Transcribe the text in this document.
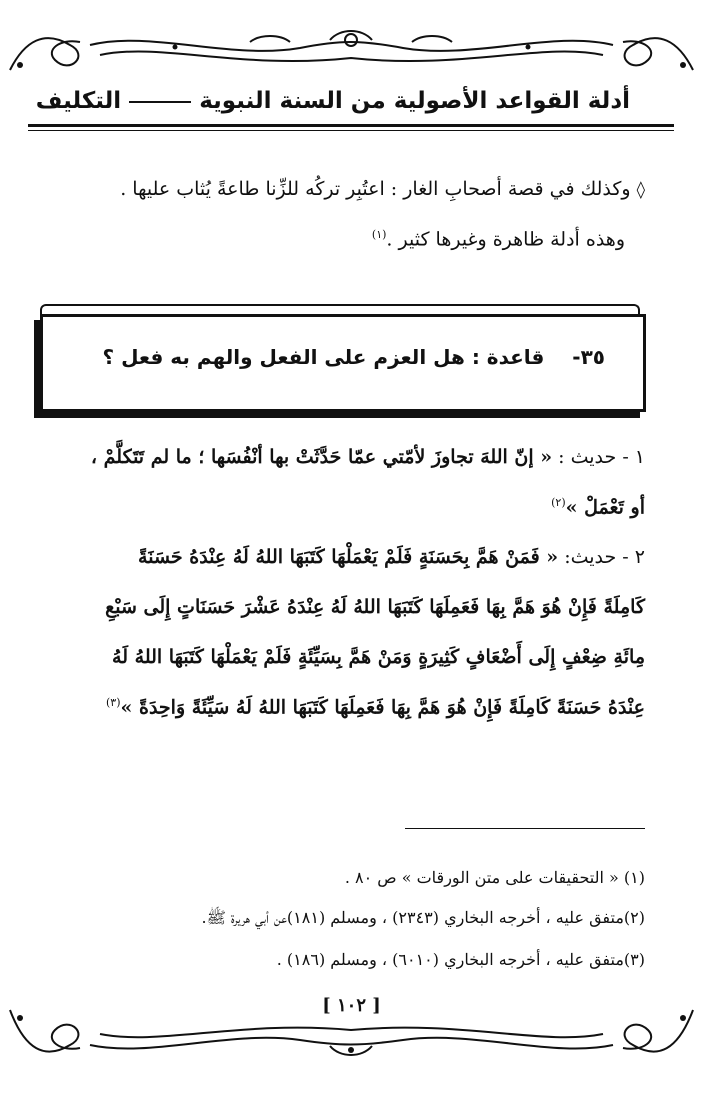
أدلة القواعد الأصولية من السنة النبويةالتكليف
◊وكذلك في قصة أصحابِ الغار : اعتُبِر تركُه للزِّنا طاعةً يُثاب عليها .
وهذه أدلة ظاهرة وغيرها كثير .$^{(١)}$
٣٥-    قاعدة : هل العزم على الفعل والهم به فعل ؟
١ - حديث : « إنّ اللهَ تجاوزَ لأمّتي عمّا حَدَّثَتْ بها أنْفُسَها ؛ ما لم تَتَكلَّمْ ،
أو تَعْمَلْ »$^{(٢)}$
٢ - حديث: « فَمَنْ هَمَّ بِحَسَنَةٍ فَلَمْ يَعْمَلْهَا كَتَبَهَا اللهُ لَهُ عِنْدَهُ حَسَنَةً
كَامِلَةً فَإِنْ هُوَ هَمَّ بِهَا فَعَمِلَهَا كَتَبَهَا اللهُ لَهُ عِنْدَهُ عَشْرَ حَسَنَاتٍ إِلَى سَبْعِ
مِائَةِ ضِعْفٍ إِلَى أَضْعَافٍ كَثِيرَةٍ وَمَنْ هَمَّ بِسَيِّئَةٍ فَلَمْ يَعْمَلْهَا كَتَبَهَا اللهُ لَهُ
عِنْدَهُ حَسَنَةً كَامِلَةً فَإِنْ هُوَ هَمَّ بِهَا فَعَمِلَهَا كَتَبَهَا اللهُ لَهُ سَيِّئَةً وَاحِدَةً »$^{(٣)}$
(١) « التحقيقات على متن الورقات » ص ٨٠ .
(٢)متفق عليه ، أخرجه البخاري (٢٣٤٣) ، ومسلم (١٨١)عن أبي هريرة ﷺ.
(٣)متفق عليه ، أخرجه البخاري (٦٠١٠) ، ومسلم (١٨٦) .
[ ١٠٢ ]
